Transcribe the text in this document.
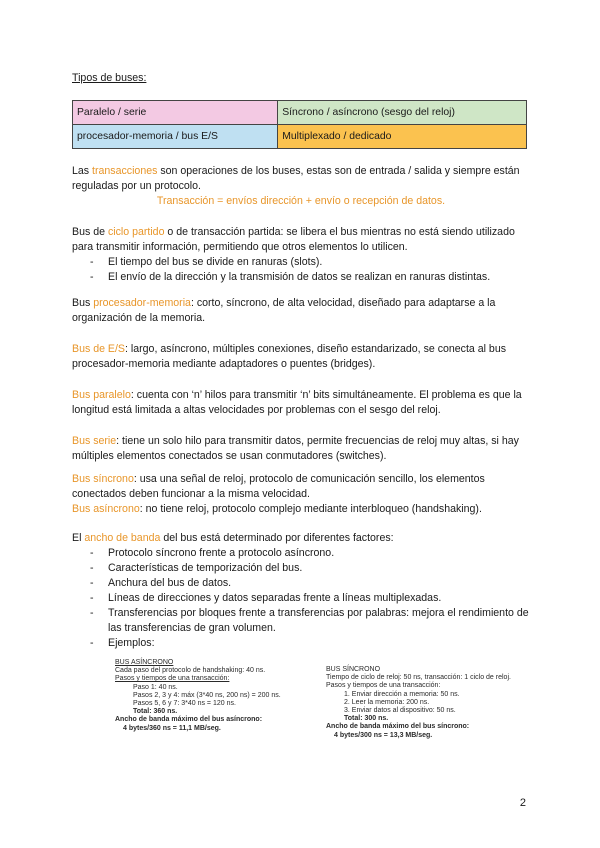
Tipos de buses:
Paralelo / serie	Síncrono / asíncrono (sesgo del reloj)
procesador-memoria / bus E/S	Multiplexado / dedicado
Las transacciones son operaciones de los buses, estas son de entrada / salida y siempre están reguladas por un protocolo.
Transacción = envíos dirección + envío o recepción de datos.
Bus de ciclo partido o de transacción partida: se libera el bus mientras no está siendo utilizado para transmitir información, permitiendo que otros elementos lo utilicen.
- El tiempo del bus se divide en ranuras (slots).
- El envío de la dirección y la transmisión de datos se realizan en ranuras distintas.
Bus procesador-memoria: corto, síncrono, de alta velocidad, diseñado para adaptarse a la organización de la memoria.
Bus de E/S: largo, asíncrono, múltiples conexiones, diseño estandarizado, se conecta al bus procesador-memoria mediante adaptadores o puentes (bridges).
Bus paralelo: cuenta con ‘n’ hilos para transmitir ‘n’ bits simultáneamente. El problema es que la longitud está limitada a altas velocidades por problemas con el sesgo del reloj.
Bus serie: tiene un solo hilo para transmitir datos, permite frecuencias de reloj muy altas, si hay múltiples elementos conectados se usan conmutadores (switches).
Bus síncrono: usa una señal de reloj, protocolo de comunicación sencillo, los elementos conectados deben funcionar a la misma velocidad.
Bus asíncrono: no tiene reloj, protocolo complejo mediante interbloqueo (handshaking).
El ancho de banda del bus está determinado por diferentes factores:
- Protocolo síncrono frente a protocolo asíncrono.
- Características de temporización del bus.
- Anchura del bus de datos.
- Líneas de direcciones y datos separadas frente a líneas multiplexadas.
- Transferencias por bloques frente a transferencias por palabras: mejora el rendimiento de las transferencias de gran volumen.
- Ejemplos:
BUS ASÍNCRONO
Cada paso del protocolo de handshaking: 40 ns.
Pasos y tiempos de una transacción:
Paso 1: 40 ns.
Pasos 2, 3 y 4: máx (3*40 ns, 200 ns) = 200 ns.
Pasos 5, 6 y 7: 3*40 ns = 120 ns.
Total: 360 ns.
Ancho de banda máximo del bus asíncrono:
4 bytes/360 ns = 11,1 MB/seg.
BUS SÍNCRONO
Tiempo de ciclo de reloj: 50 ns, transacción: 1 ciclo de reloj.
Pasos y tiempos de una transacción:
1. Enviar dirección a memoria: 50 ns.
2. Leer la memoria: 200 ns.
3. Enviar datos al dispositivo: 50 ns.
Total: 300 ns.
Ancho de banda máximo del bus síncrono:
4 bytes/300 ns = 13,3 MB/seg.
2
